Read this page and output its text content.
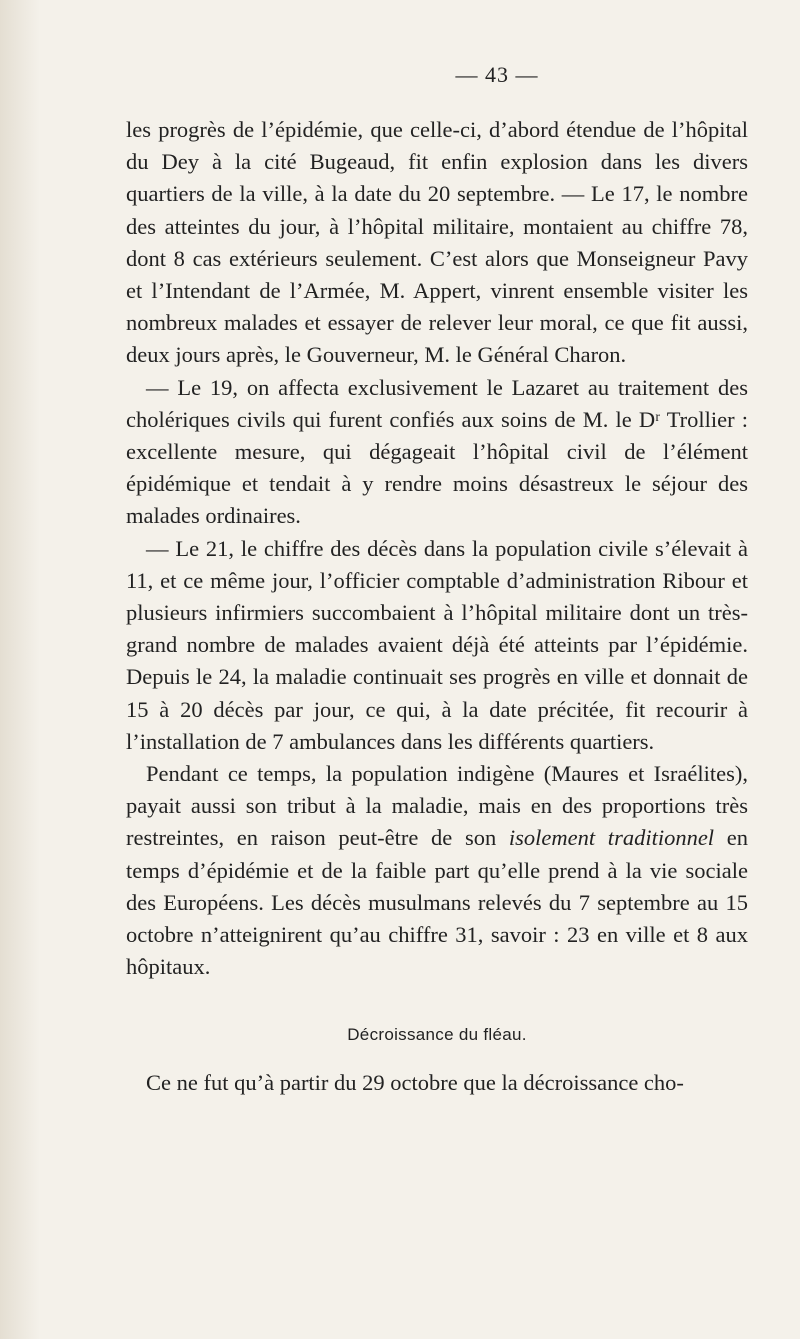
— 43 —

les progrès de l’épidémie, que celle-ci, d’abord étendue de l’hôpital du Dey à la cité Bugeaud, fit enfin explosion dans les divers quartiers de la ville, à la date du 20 septembre. — Le 17, le nombre des atteintes du jour, à l’hôpital militaire, montaient au chiffre 78, dont 8 cas extérieurs seulement. C’est alors que Monseigneur Pavy et l’Intendant de l’Armée, M. Appert, vinrent ensemble visiter les nombreux malades et essayer de relever leur moral, ce que fit aussi, deux jours après, le Gouverneur, M. le Général Charon.

— Le 19, on affecta exclusivement le Lazaret au traitement des cholériques civils qui furent confiés aux soins de M. le Dʳ Trollier : excellente mesure, qui dégageait l’hôpital civil de l’élément épidémique et tendait à y rendre moins désastreux le séjour des malades ordinaires.

— Le 21, le chiffre des décès dans la population civile s’élevait à 11, et ce même jour, l’officier comptable d’administration Ribour et plusieurs infirmiers succombaient à l’hôpital militaire dont un très-grand nombre de malades avaient déjà été atteints par l’épidémie. Depuis le 24, la maladie continuait ses progrès en ville et donnait de 15 à 20 décès par jour, ce qui, à la date précitée, fit recourir à l’installation de 7 ambulances dans les différents quartiers.

Pendant ce temps, la population indigène (Maures et Israélites), payait aussi son tribut à la maladie, mais en des proportions très restreintes, en raison peut-être de son isolement traditionnel en temps d’épidémie et de la faible part qu’elle prend à la vie sociale des Européens. Les décès musulmans relevés du 7 septembre au 15 octobre n’atteignirent qu’au chiffre 31, savoir : 23 en ville et 8 aux hôpitaux.

Décroissance du fléau.

Ce ne fut qu’à partir du 29 octobre que la décroissance cho-
